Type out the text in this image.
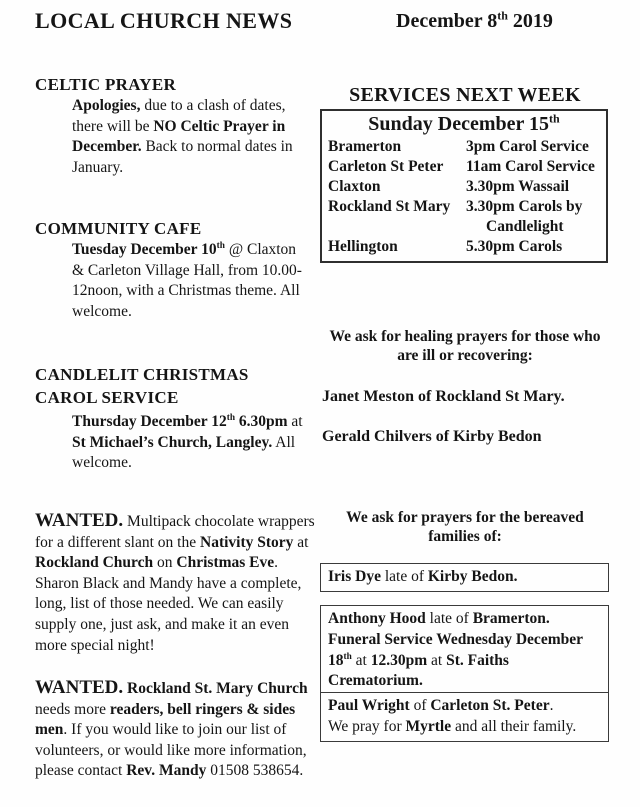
LOCAL CHURCH NEWS	December 8th 2019
CELTIC PRAYER
Apologies, due to a clash of dates, there will be NO Celtic Prayer in December. Back to normal dates in January.
COMMUNITY CAFE
Tuesday December 10th @ Claxton & Carleton Village Hall, from 10.00-12noon, with a Christmas theme. All welcome.
CANDLELIT CHRISTMAS
CAROL SERVICE
Thursday December 12th 6.30pm at St Michael’s Church, Langley. All welcome.
WANTED. Multipack chocolate wrappers for a different slant on the Nativity Story at Rockland Church on Christmas Eve. Sharon Black and Mandy have a complete, long, list of those needed. We can easily supply one, just ask, and make it an even more special night!
WANTED. Rockland St. Mary Church needs more readers, bell ringers & sides men. If you would like to join our list of volunteers, or would like more information, please contact Rev. Mandy 01508 538654.
SERVICES NEXT WEEK
Sunday December 15th
Bramerton	3pm Carol Service
Carleton St Peter	11am Carol Service
Claxton	3.30pm Wassail
Rockland St Mary	3.30pm Carols by Candlelight
Hellington	5.30pm Carols
We ask for healing prayers for those who are ill or recovering:
Janet Meston of Rockland St Mary.
Gerald Chilvers of Kirby Bedon
We ask for prayers for the bereaved families of:
Iris Dye late of Kirby Bedon.
Anthony Hood late of Bramerton.
Funeral Service Wednesday December 18th at 12.30pm at St. Faiths Crematorium.
Paul Wright of Carleton St. Peter.
We pray for Myrtle and all their family.
